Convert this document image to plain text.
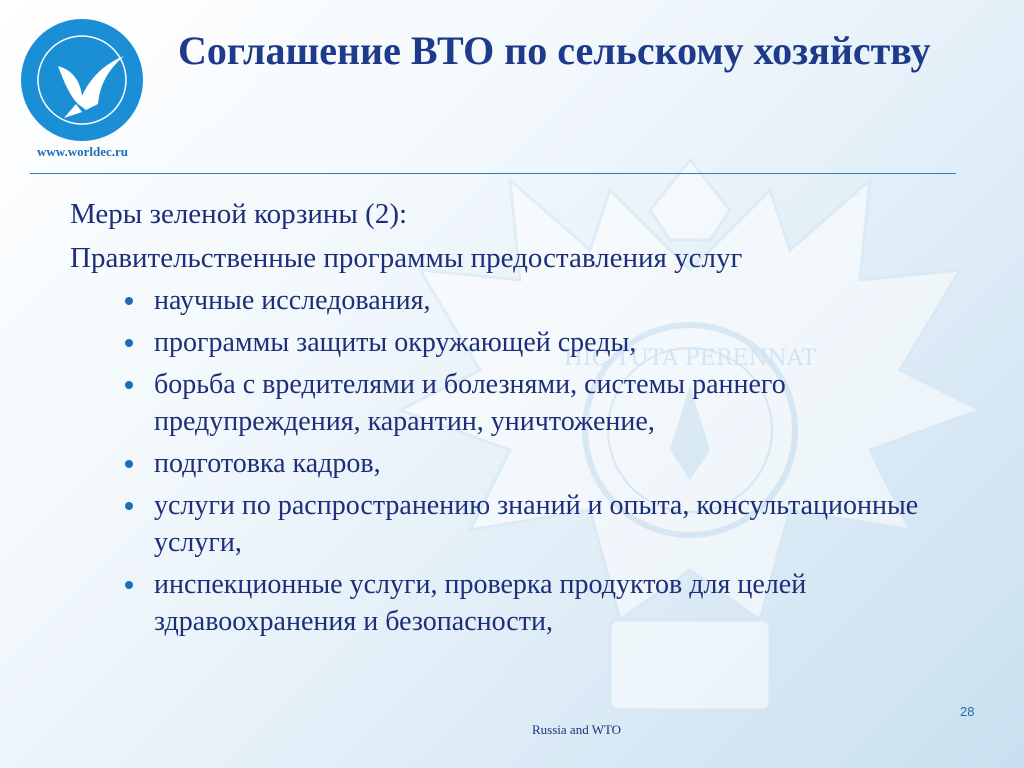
HIC TUTA PERENNAT
www.worldec.ru
Соглашение ВТО по сельскому хозяйству

Меры зеленой корзины (2):

Правительственные программы предоставления услуг

научные исследования,
программы защиты окружающей среды,
борьба с вредителями и болезнями, системы раннего предупреждения, карантин, уничтожение,
подготовка кадров,
услуги по распространению знаний и опыта, консультационные услуги,
инспекционные услуги, проверка продуктов для целей здравоохранения и безопасности,
Russia and WTO
28
